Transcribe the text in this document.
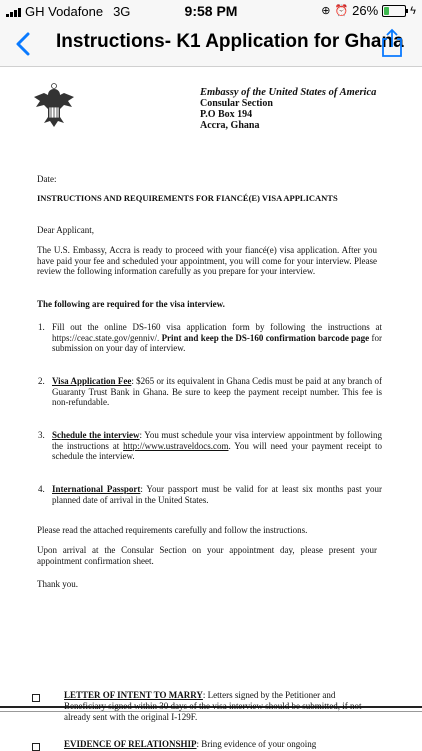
GH Vodafone 3G	9:58 PM	⊕ ⏰ 26%	ϟ
Instructions- K1 Application for Ghana
Embassy of the United States of America
Consular Section
P.O Box 194
Accra, Ghana
Date:
INSTRUCTIONS AND REQUIREMENTS FOR FIANCÉ(E) VISA APPLICANTS
Dear Applicant,
The U.S. Embassy, Accra is ready to proceed with your fiancé(e) visa application. After you have paid your fee and scheduled your appointment, you will come for your interview. Please review the following information carefully as you prepare for your interview.
The following are required for the visa interview.
1. Fill out the online DS-160 visa application form by following the instructions at https://ceac.state.gov/genniv/. Print and keep the DS-160 confirmation barcode page for submission on your day of interview.
2. Visa Application Fee: $265 or its equivalent in Ghana Cedis must be paid at any branch of Guaranty Trust Bank in Ghana. Be sure to keep the payment receipt number. This fee is non-refundable.
3. Schedule the interview: You must schedule your visa interview appointment by following the instructions at http://www.ustraveldocs.com. You will need your payment receipt to schedule the interview.
4. International Passport: Your passport must be valid for at least six months past your planned date of arrival in the United States.
Please read the attached requirements carefully and follow the instructions.
Upon arrival at the Consular Section on your appointment day, please present your appointment confirmation sheet.
Thank you.
LETTER OF INTENT TO MARRY: Letters signed by the Petitioner and Beneficiary signed within 30 days of the visa interview should be submitted, if not already sent with the original I-129F.
EVIDENCE OF RELATIONSHIP: Bring evidence of your ongoing
